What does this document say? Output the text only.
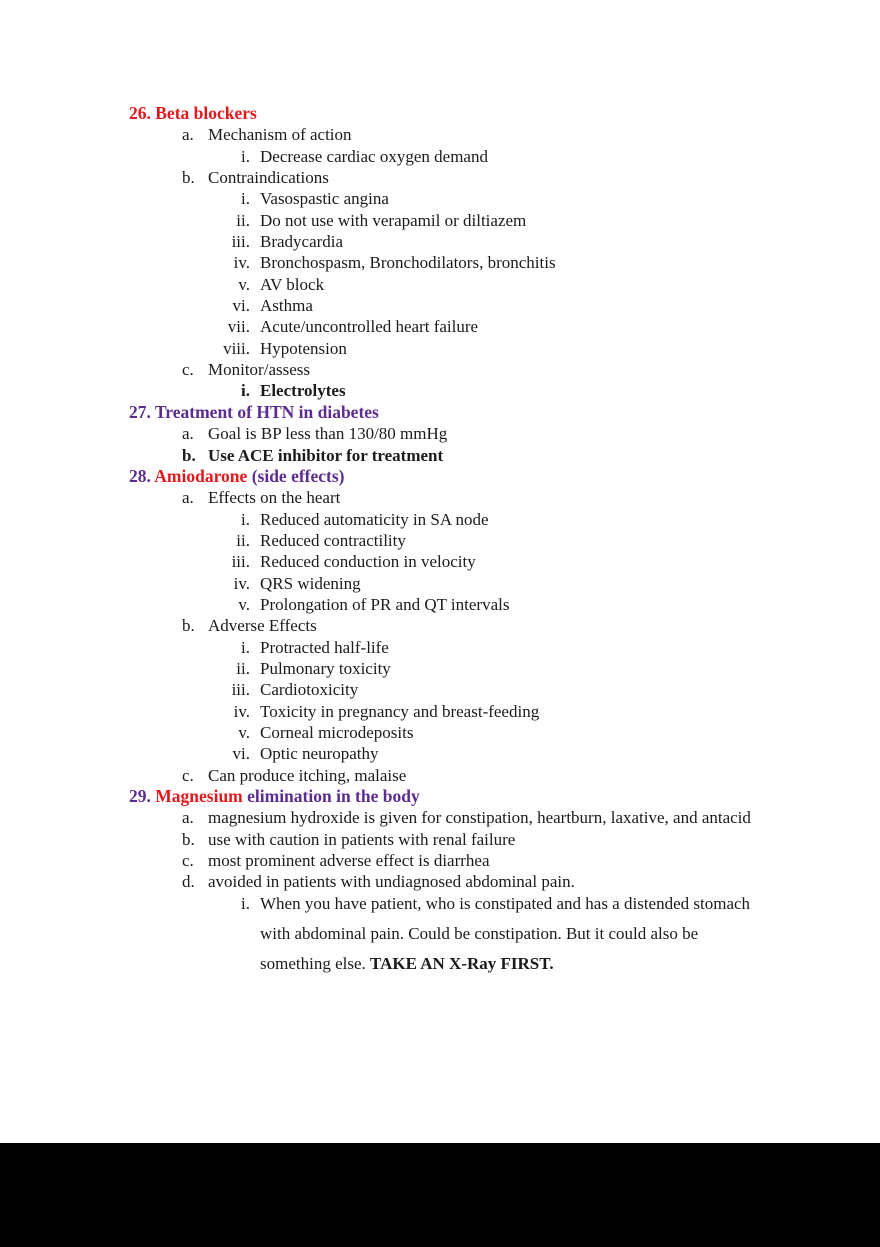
26. Beta blockers
a. Mechanism of action
i. Decrease cardiac oxygen demand
b. Contraindications
i. Vasospastic angina
ii. Do not use with verapamil or diltiazem
iii. Bradycardia
iv. Bronchospasm, Bronchodilators, bronchitis
v. AV block
vi. Asthma
vii. Acute/uncontrolled heart failure
viii. Hypotension
c. Monitor/assess
i. Electrolytes
27. Treatment of HTN in diabetes
a. Goal is BP less than 130/80 mmHg
b. Use ACE inhibitor for treatment
28. Amiodarone (side effects)
a. Effects on the heart
i. Reduced automaticity in SA node
ii. Reduced contractility
iii. Reduced conduction in velocity
iv. QRS widening
v. Prolongation of PR and QT intervals
b. Adverse Effects
i. Protracted half-life
ii. Pulmonary toxicity
iii. Cardiotoxicity
iv. Toxicity in pregnancy and breast-feeding
v. Corneal microdeposits
vi. Optic neuropathy
c. Can produce itching, malaise
29. Magnesium elimination in the body
a. magnesium hydroxide is given for constipation, heartburn, laxative, and antacid
b. use with caution in patients with renal failure
c. most prominent adverse effect is diarrhea
d. avoided in patients with undiagnosed abdominal pain.
i. When you have patient, who is constipated and has a distended stomach
with abdominal pain. Could be constipation. But it could also be
something else. TAKE AN X-Ray FIRST.
